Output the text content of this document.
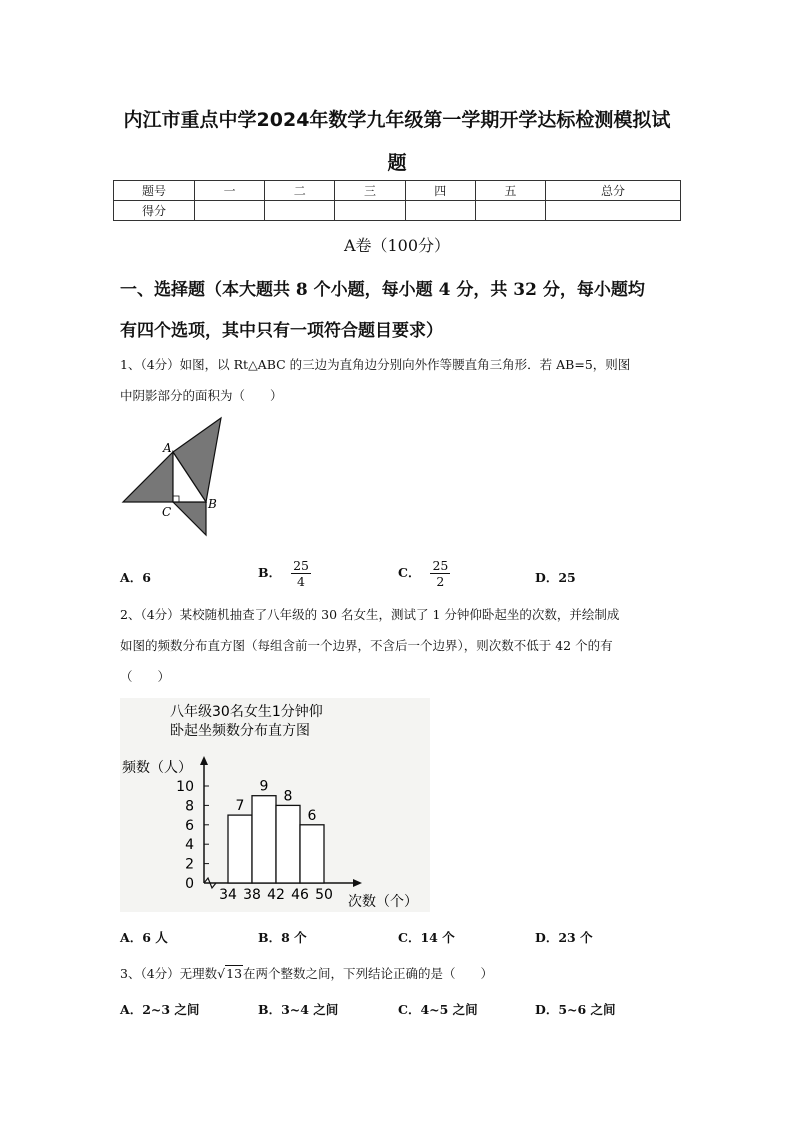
内江市重点中学2024年数学九年级第一学期开学达标检测模拟试
题
题号	一	二	三	四	五	总分
得分						
A卷（100分）
一、选择题（本大题共 8 个小题，每小题 4 分，共 32 分，每小题均
有四个选项，其中只有一项符合题目要求）
1、（4分）如图，以 Rt△ABC 的三边为直角边分别向外作等腰直角三角形．若 AB=5，则图
中阴影部分的面积为（　　）
A
B
C
A．6	B． $\frac{25}{4}$	C． $\frac{25}{2}$	D．25
2、（4分）某校随机抽查了八年级的 30 名女生，测试了 1 分钟仰卧起坐的次数，并绘制成
如图的频数分布直方图（每组含前一个边界，不含后一个边界），则次数不低于 42 个的有
（　　）
八年级30名女生1分钟仰
卧起坐频数分布直方图
频数（人）
次数（个）
0
2
4
6
8
10
7
9
8
6
34 38 42 46 50
A．6 人	B．8 个	C．14 个	D．23 个
3、（4分）无理数√13在两个整数之间，下列结论正确的是（　　）
A．2~3 之间	B．3~4 之间	C．4~5 之间	D．5~6 之间
